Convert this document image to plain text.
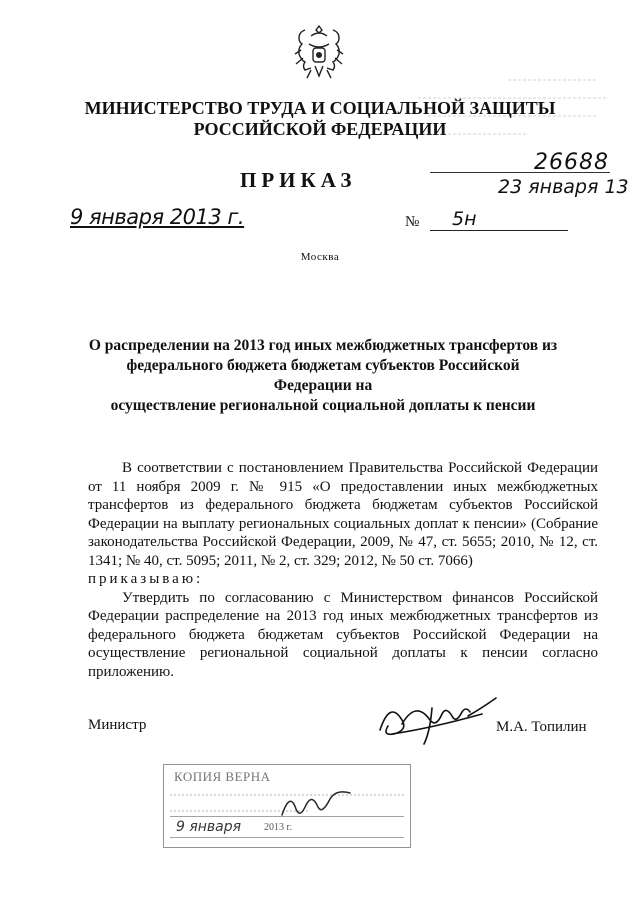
МИНИСТЕРСТВО ТРУДА И СОЦИАЛЬНОЙ ЗАЩИТЫ
РОССИЙСКОЙ ФЕДЕРАЦИИ
26688
23 января 13
ПРИКАЗ
9 января 2013 г.	№ 5н
Москва
О распределении на 2013 год иных межбюджетных трансфертов из
федерального бюджета бюджетам субъектов Российской Федерации на
осуществление региональной социальной доплаты к пенсии

В соответствии с постановлением Правительства Российской Федерации от 11 ноября 2009 г. № 915 «О предоставлении иных межбюджетных трансфертов из федерального бюджета бюджетам субъектов Российской Федерации на выплату региональных социальных доплат к пенсии» (Собрание законодательства Российской Федерации, 2009, № 47, ст. 5655; 2010, № 12, ст. 1341; № 40, ст. 5095; 2011, № 2, ст. 329; 2012, № 50 ст. 7066)

приказываю:

Утвердить по согласованию с Министерством финансов Российской Федерации распределение на 2013 год иных межбюджетных трансфертов из федерального бюджета бюджетам субъектов Российской Федерации на осуществление региональной социальной доплаты к пенсии согласно приложению.

Министр	М.А. Топилин
КОПИЯ ВЕРНА
9 января 2013 г.
